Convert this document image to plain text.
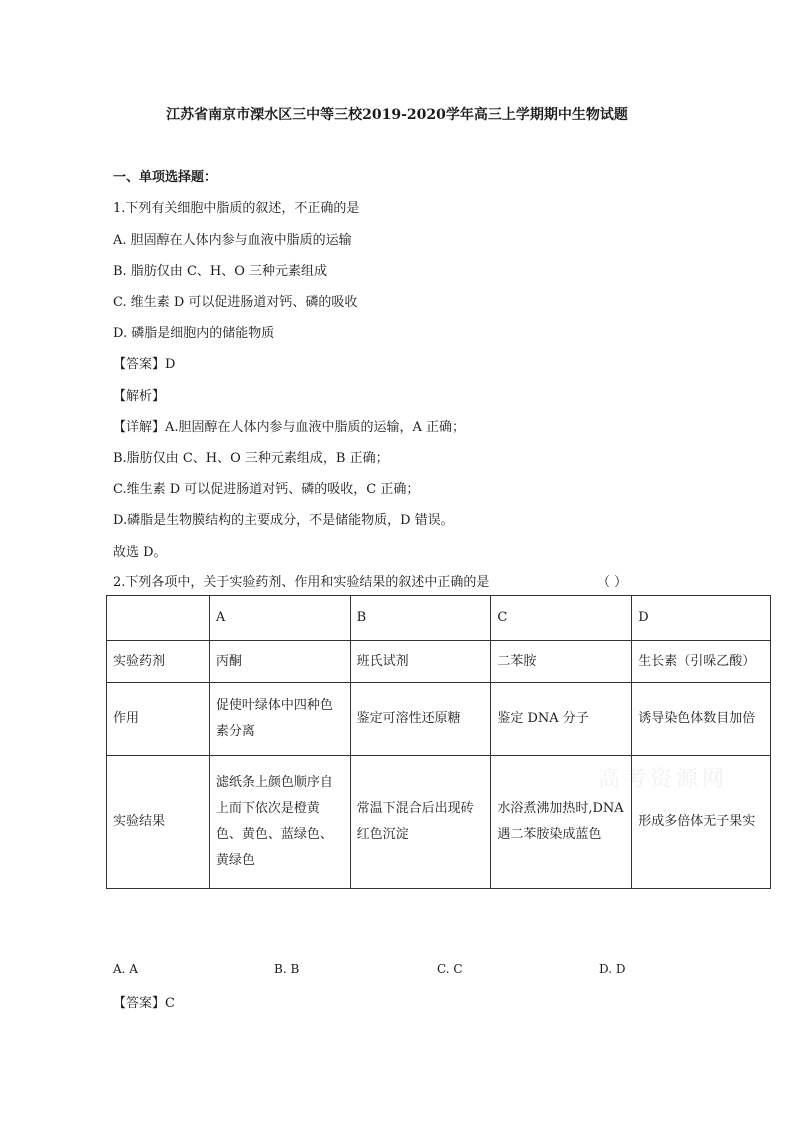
江苏省南京市溧水区三中等三校2019-2020学年高三上学期期中生物试题
一、单项选择题：
1.下列有关细胞中脂质的叙述，不正确的是
A. 胆固醇在人体内参与血液中脂质的运输
B. 脂肪仅由 C、H、O 三种元素组成
C. 维生素 D 可以促进肠道对钙、磷的吸收
D. 磷脂是细胞内的储能物质
【答案】D
【解析】
【详解】A.胆固醇在人体内参与血液中脂质的运输，A 正确；
B.脂肪仅由 C、H、O 三种元素组成，B 正确；
C.维生素 D 可以促进肠道对钙、磷的吸收，C 正确；
D.磷脂是生物膜结构的主要成分，不是储能物质，D 错误。
故选 D。
2.下列各项中，关于实验药剂、作用和实验结果的叙述中正确的是	（ ）
高考资源网
	A	B	C	D
实验药剂	丙酮	班氏试剂	二苯胺	生长素（引哚乙酸）
作用	促使叶绿体中四种色素分离	鉴定可溶性还原糖	鉴定 DNA 分子	诱导染色体数目加倍
实验结果	滤纸条上颜色顺序自上而下依次是橙黄色、黄色、蓝绿色、黄绿色	常温下混合后出现砖红色沉淀	水浴煮沸加热时,DNA 遇二苯胺染成蓝色	形成多倍体无子果实
A. A	B. B	C. C	D. D
【答案】C
